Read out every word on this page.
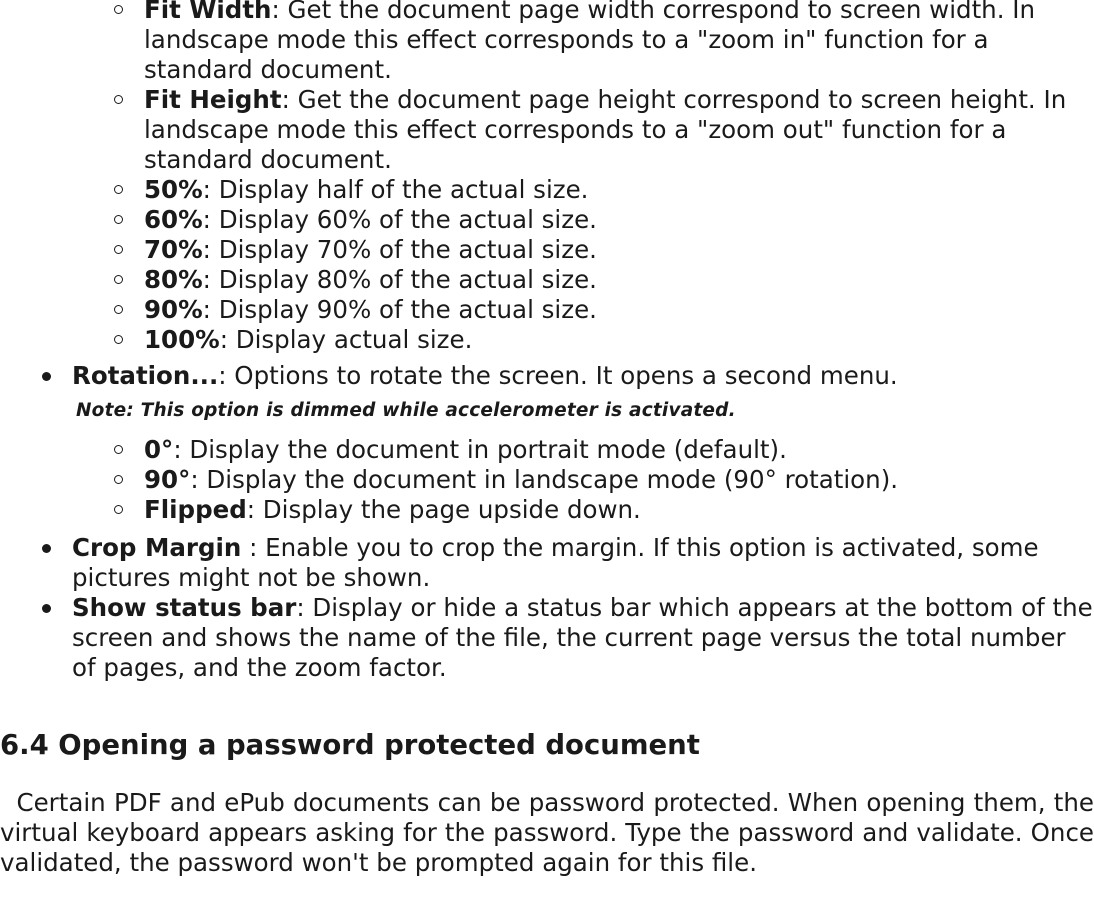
Fit Width: Get the document page width correspond to screen width. In landscape mode this effect corresponds to a "zoom in" function for a standard document.
Fit Height: Get the document page height correspond to screen height. In landscape mode this effect corresponds to a "zoom out" function for a standard document.
50%: Display half of the actual size.
60%: Display 60% of the actual size.
70%: Display 70% of the actual size.
80%: Display 80% of the actual size.
90%: Display 90% of the actual size.
100%: Display actual size.
Rotation...: Options to rotate the screen. It opens a second menu.
Note: This option is dimmed while accelerometer is activated.
0°: Display the document in portrait mode (default).
90°: Display the document in landscape mode (90° rotation).
Flipped: Display the page upside down.
Crop Margin : Enable you to crop the margin. If this option is activated, some pictures might not be shown.
Show status bar: Display or hide a status bar which appears at the bottom of the screen and shows the name of the file, the current page versus the total number of pages, and the zoom factor.
6.4 Opening a password protected document

Certain PDF and ePub documents can be password protected. When opening them, the virtual keyboard appears asking for the password. Type the password and validate. Once validated, the password won't be prompted again for this file.
